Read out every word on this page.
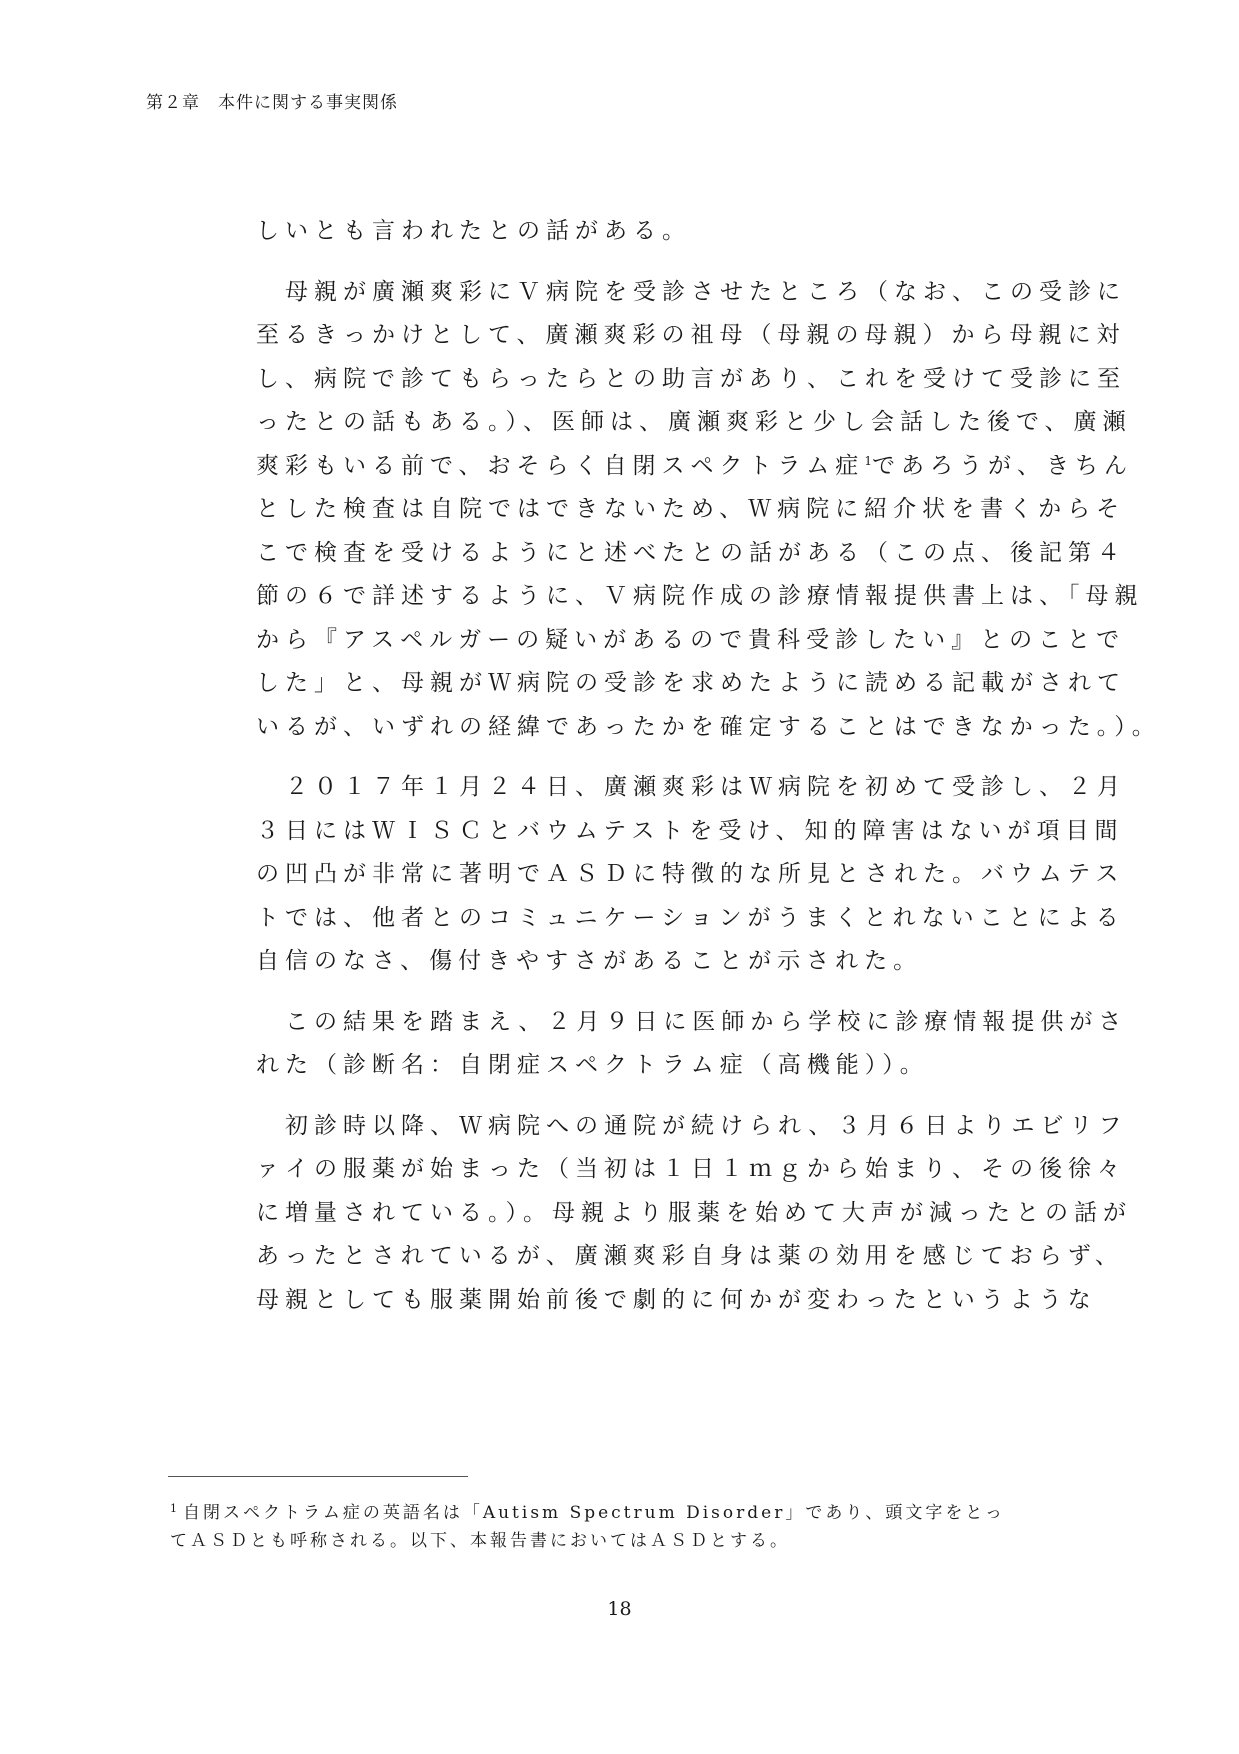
第２章　本件に関する事実関係
しいとも言われたとの話がある。
　母親が廣瀬爽彩にＶ病院を受診させたところ（なお、この受診に
至るきっかけとして、廣瀬爽彩の祖母（母親の母親）から母親に対
し、病院で診てもらったらとの助言があり、これを受けて受診に至
ったとの話もある。）、医師は、廣瀬爽彩と少し会話した後で、廣瀬
爽彩もいる前で、おそらく自閉スペクトラム症$^1$であろうが、きちん
とした検査は自院ではできないため、Ｗ病院に紹介状を書くからそ
こで検査を受けるようにと述べたとの話がある（この点、後記第４
節の６で詳述するように、Ｖ病院作成の診療情報提供書上は、「母親
から『アスペルガーの疑いがあるので貴科受診したい』とのことで
した」と、母親がＷ病院の受診を求めたように読める記載がされて
いるが、いずれの経緯であったかを確定することはできなかった。）。
　２０１７年１月２４日、廣瀬爽彩はＷ病院を初めて受診し、２月
３日にはＷＩＳＣとバウムテストを受け、知的障害はないが項目間
の凹凸が非常に著明でＡＳＤに特徴的な所見とされた。バウムテス
トでは、他者とのコミュニケーションがうまくとれないことによる
自信のなさ、傷付きやすさがあることが示された。
　この結果を踏まえ、２月９日に医師から学校に診療情報提供がさ
れた（診断名：自閉症スペクトラム症（高機能））。
　初診時以降、Ｗ病院への通院が続けられ、３月６日よりエビリフ
ァイの服薬が始まった（当初は１日１ｍｇから始まり、その後徐々
に増量されている。）。母親より服薬を始めて大声が減ったとの話が
あったとされているが、廣瀬爽彩自身は薬の効用を感じておらず、
母親としても服薬開始前後で劇的に何かが変わったというような
$^1$ 自閉スペクトラム症の英語名は「Autism Spectrum Disorder」であり、頭文字をとっ
てＡＳＤとも呼称される。以下、本報告書においてはＡＳＤとする。
18
